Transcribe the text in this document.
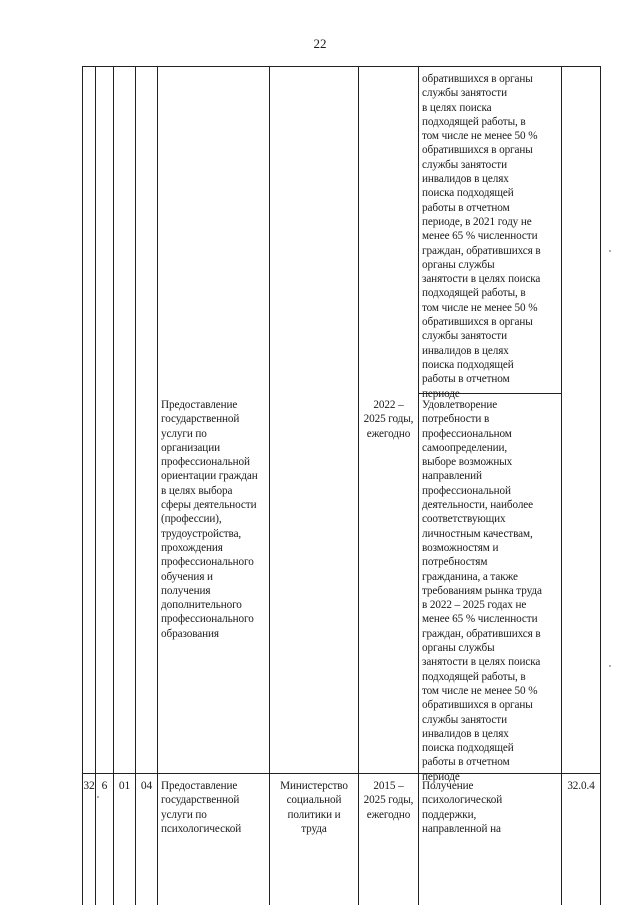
22
обратившихся в органы
службы занятости
в целях поиска
подходящей работы, в
том числе не менее 50 %
обратившихся в органы
службы занятости
инвалидов в целях
поиска подходящей
работы в отчетном
периоде, в 2021 году не
менее 65 % численности
граждан, обратившихся в
органы службы
занятости в целях поиска
подходящей работы, в
том числе не менее 50 %
обратившихся в органы
службы занятости
инвалидов в целях
поиска подходящей
работы в отчетном
периоде
Предоставление
государственной
услуги по
организации
профессиональной
ориентации граждан
в целях выбора
сферы деятельности
(профессии),
трудоустройства,
прохождения
профессионального
обучения и
получения
дополнительного
профессионального
образования
2022 –
2025 годы,
ежегодно
Удовлетворение
потребности в
профессиональном
самоопределении,
выборе возможных
направлений
профессиональной
деятельности, наиболее
соответствующих
личностным качествам,
возможностям и
потребностям
гражданина, а также
требованиям рынка труда
в 2022 – 2025 годах не
менее 65 % численности
граждан, обратившихся в
органы службы
занятости в целях поиска
подходящей работы, в
том числе не менее 50 %
обратившихся в органы
службы занятости
инвалидов в целях
поиска подходящей
работы в отчетном
периоде
32 6	01 04 Предоставление
государственной
услуги по
психологической
Министерство
социальной
политики и
труда
2015 –
2025 годы,
ежегодно
Получение
психологической
поддержки,
направленной на
32.0.4
